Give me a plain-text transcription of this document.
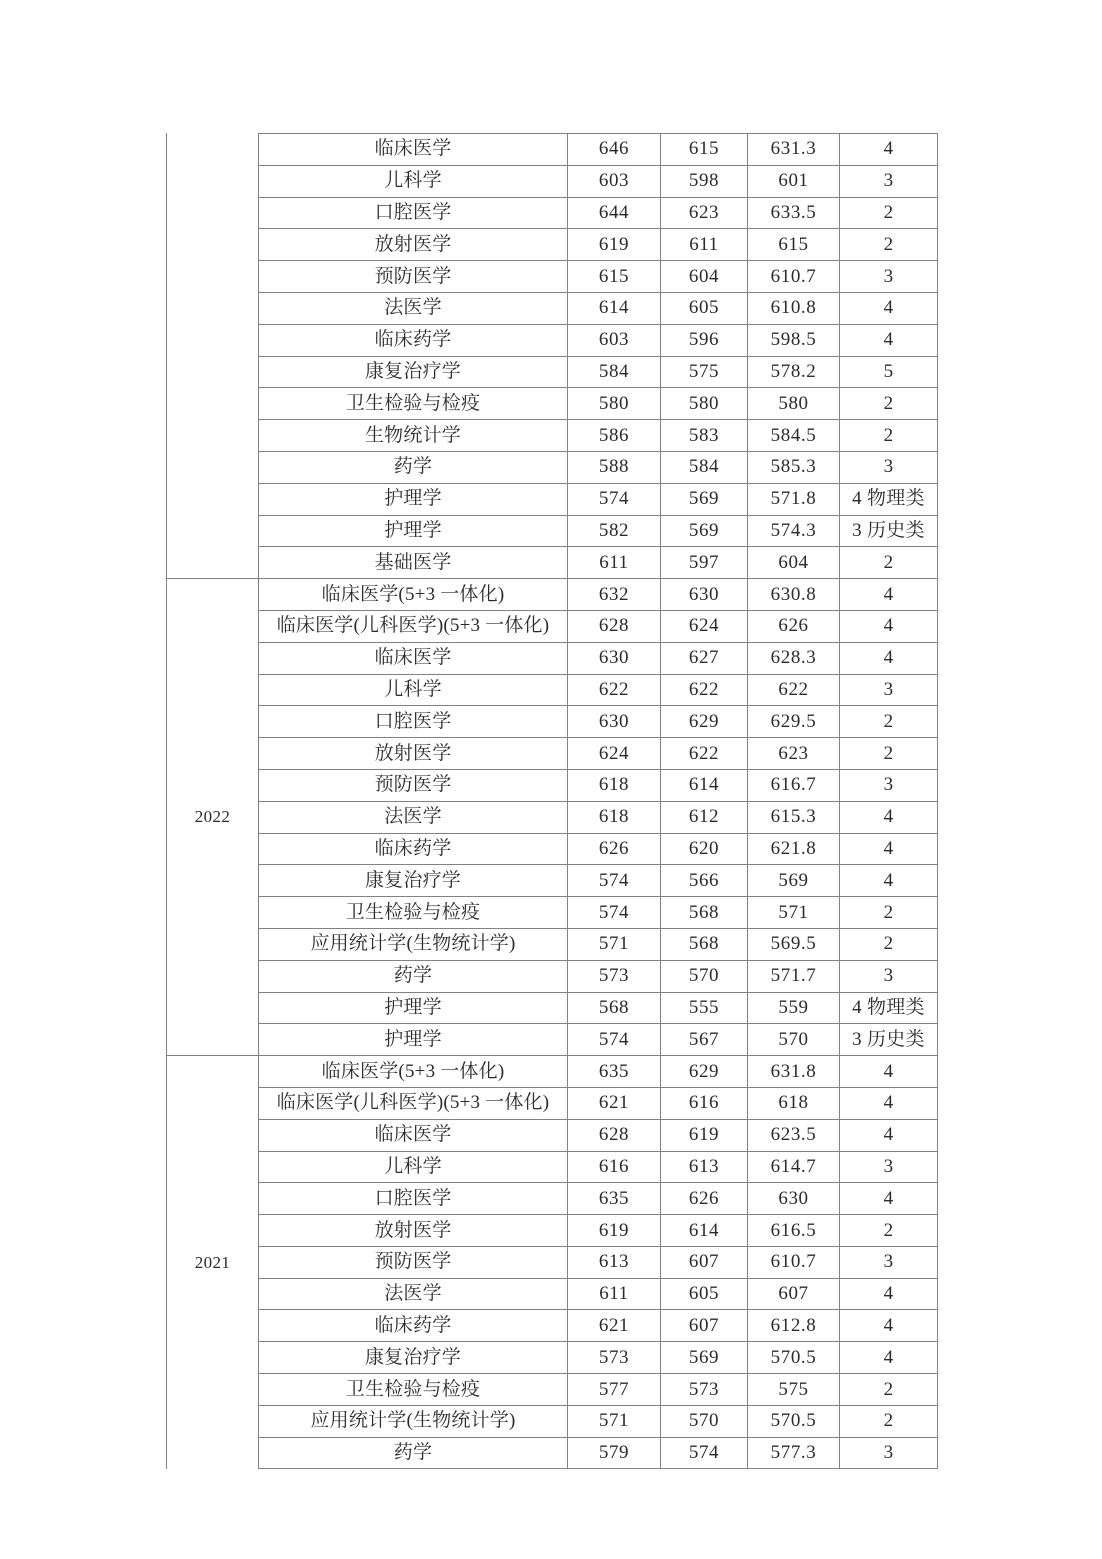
	临床医学	646	615	631.3	4
	儿科学	603	598	601	3
	口腔医学	644	623	633.5	2
	放射医学	619	611	615	2
	预防医学	615	604	610.7	3
	法医学	614	605	610.8	4
	临床药学	603	596	598.5	4
	康复治疗学	584	575	578.2	5
	卫生检验与检疫	580	580	580	2
	生物统计学	586	583	584.5	2
	药学	588	584	585.3	3
	护理学	574	569	571.8	4 物理类
	护理学	582	569	574.3	3 历史类
	基础医学	611	597	604	2
2022	临床医学(5+3 一体化)	632	630	630.8	4
	临床医学(儿科医学)(5+3 一体化)	628	624	626	4
	临床医学	630	627	628.3	4
	儿科学	622	622	622	3
	口腔医学	630	629	629.5	2
	放射医学	624	622	623	2
	预防医学	618	614	616.7	3
	法医学	618	612	615.3	4
	临床药学	626	620	621.8	4
	康复治疗学	574	566	569	4
	卫生检验与检疫	574	568	571	2
	应用统计学(生物统计学)	571	568	569.5	2
	药学	573	570	571.7	3
	护理学	568	555	559	4 物理类
	护理学	574	567	570	3 历史类
2021	临床医学(5+3 一体化)	635	629	631.8	4
	临床医学(儿科医学)(5+3 一体化)	621	616	618	4
	临床医学	628	619	623.5	4
	儿科学	616	613	614.7	3
	口腔医学	635	626	630	4
	放射医学	619	614	616.5	2
	预防医学	613	607	610.7	3
	法医学	611	605	607	4
	临床药学	621	607	612.8	4
	康复治疗学	573	569	570.5	4
	卫生检验与检疫	577	573	575	2
	应用统计学(生物统计学)	571	570	570.5	2
	药学	579	574	577.3	3
